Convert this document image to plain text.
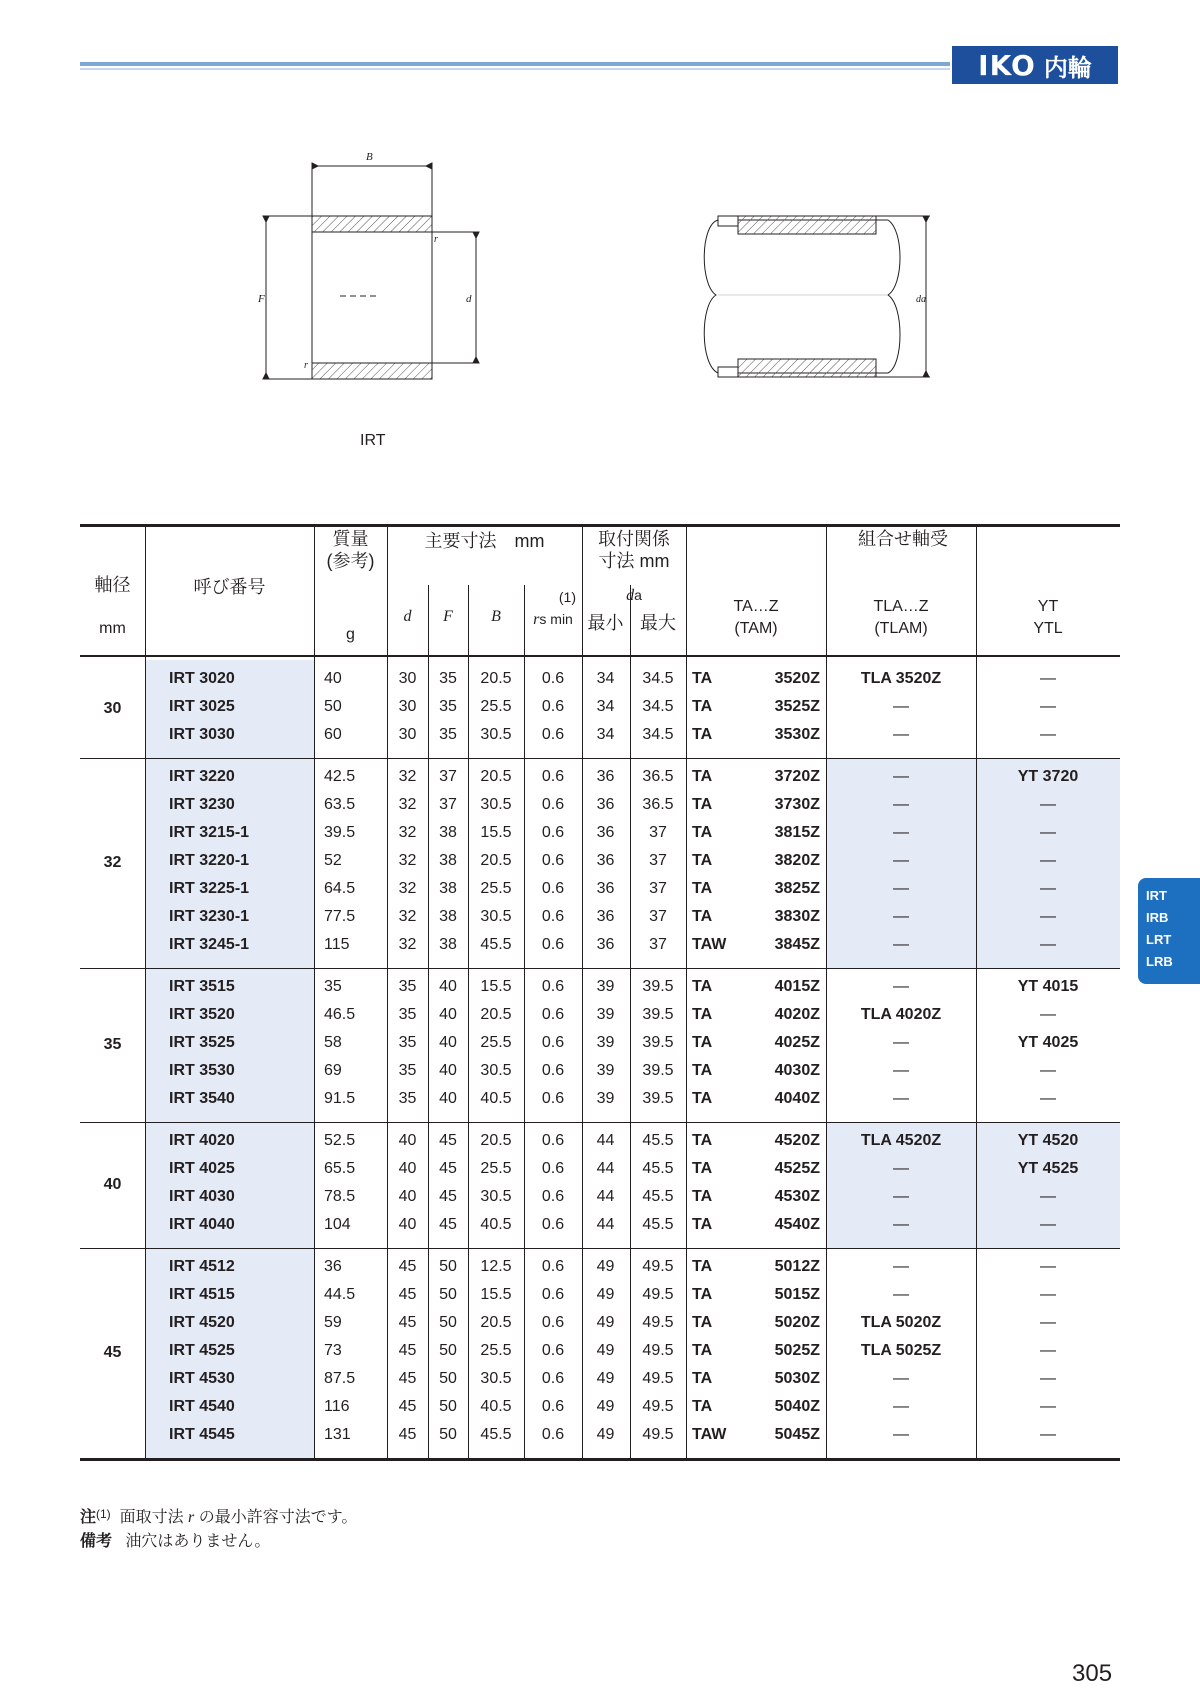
IKO 内輪
B
F	d
r
r
da
IRT
IRT
IRB
LRT
LRB
軸径
mm
呼び番号
質量
(参考)
g
主要寸法　mm	取付関係
寸法 mm
組合せ軸受
d	F	B
(1)
rs min
da
最小 最大
TA…Z
(TAM)
TLA…Z
(TLAM)
YT
YTL
30
IRT 3020	40	30	35	20.5	0.6	34	34.5	TA	3520Z	TLA 3520Z	—
IRT 3025	50	30	35	25.5	0.6	34	34.5	TA	3525Z	—	—
IRT 3030	60	30	35	30.5	0.6	34	34.5	TA	3530Z	—	—
32
IRT 3220	42.5	32	37	20.5	0.6	36	36.5	TA	3720Z	—	YT 3720
IRT 3230	63.5	32	37	30.5	0.6	36	36.5	TA	3730Z	—	—
IRT 3215-1	39.5	32	38	15.5	0.6	36	37	TA	3815Z	—	—
IRT 3220-1	52	32	38	20.5	0.6	36	37	TA	3820Z	—	—
IRT 3225-1	64.5	32	38	25.5	0.6	36	37	TA	3825Z	—	—
IRT 3230-1	77.5	32	38	30.5	0.6	36	37	TA	3830Z	—	—
IRT 3245-1	115	32	38	45.5	0.6	36	37	TAW	3845Z	—	—
35
IRT 3515	35	35	40	15.5	0.6	39	39.5	TA	4015Z	—	YT 4015
IRT 3520	46.5	35	40	20.5	0.6	39	39.5	TA	4020Z	TLA 4020Z	—
IRT 3525	58	35	40	25.5	0.6	39	39.5	TA	4025Z	—	YT 4025
IRT 3530	69	35	40	30.5	0.6	39	39.5	TA	4030Z	—	—
IRT 3540	91.5	35	40	40.5	0.6	39	39.5	TA	4040Z	—	—
40
IRT 4020	52.5	40	45	20.5	0.6	44	45.5	TA	4520Z	TLA 4520Z	YT 4520
IRT 4025	65.5	40	45	25.5	0.6	44	45.5	TA	4525Z	—	YT 4525
IRT 4030	78.5	40	45	30.5	0.6	44	45.5	TA	4530Z	—	—
IRT 4040	104	40	45	40.5	0.6	44	45.5	TA	4540Z	—	—
45
IRT 4512	36	45	50	12.5	0.6	49	49.5	TA	5012Z	—	—
IRT 4515	44.5	45	50	15.5	0.6	49	49.5	TA	5015Z	—	—
IRT 4520	59	45	50	20.5	0.6	49	49.5	TA	5020Z	TLA 5020Z	—
IRT 4525	73	45	50	25.5	0.6	49	49.5	TA	5025Z	TLA 5025Z	—
IRT 4530	87.5	45	50	30.5	0.6	49	49.5	TA	5030Z	—	—
IRT 4540	116	45	50	40.5	0.6	49	49.5	TA	5040Z	—	—
IRT 4545	131	45	50	45.5	0.6	49	49.5	TAW	5045Z	—	—
注$^{(1)}$ 面取寸法 r の最小許容寸法です。
備考 油穴はありません。
305
